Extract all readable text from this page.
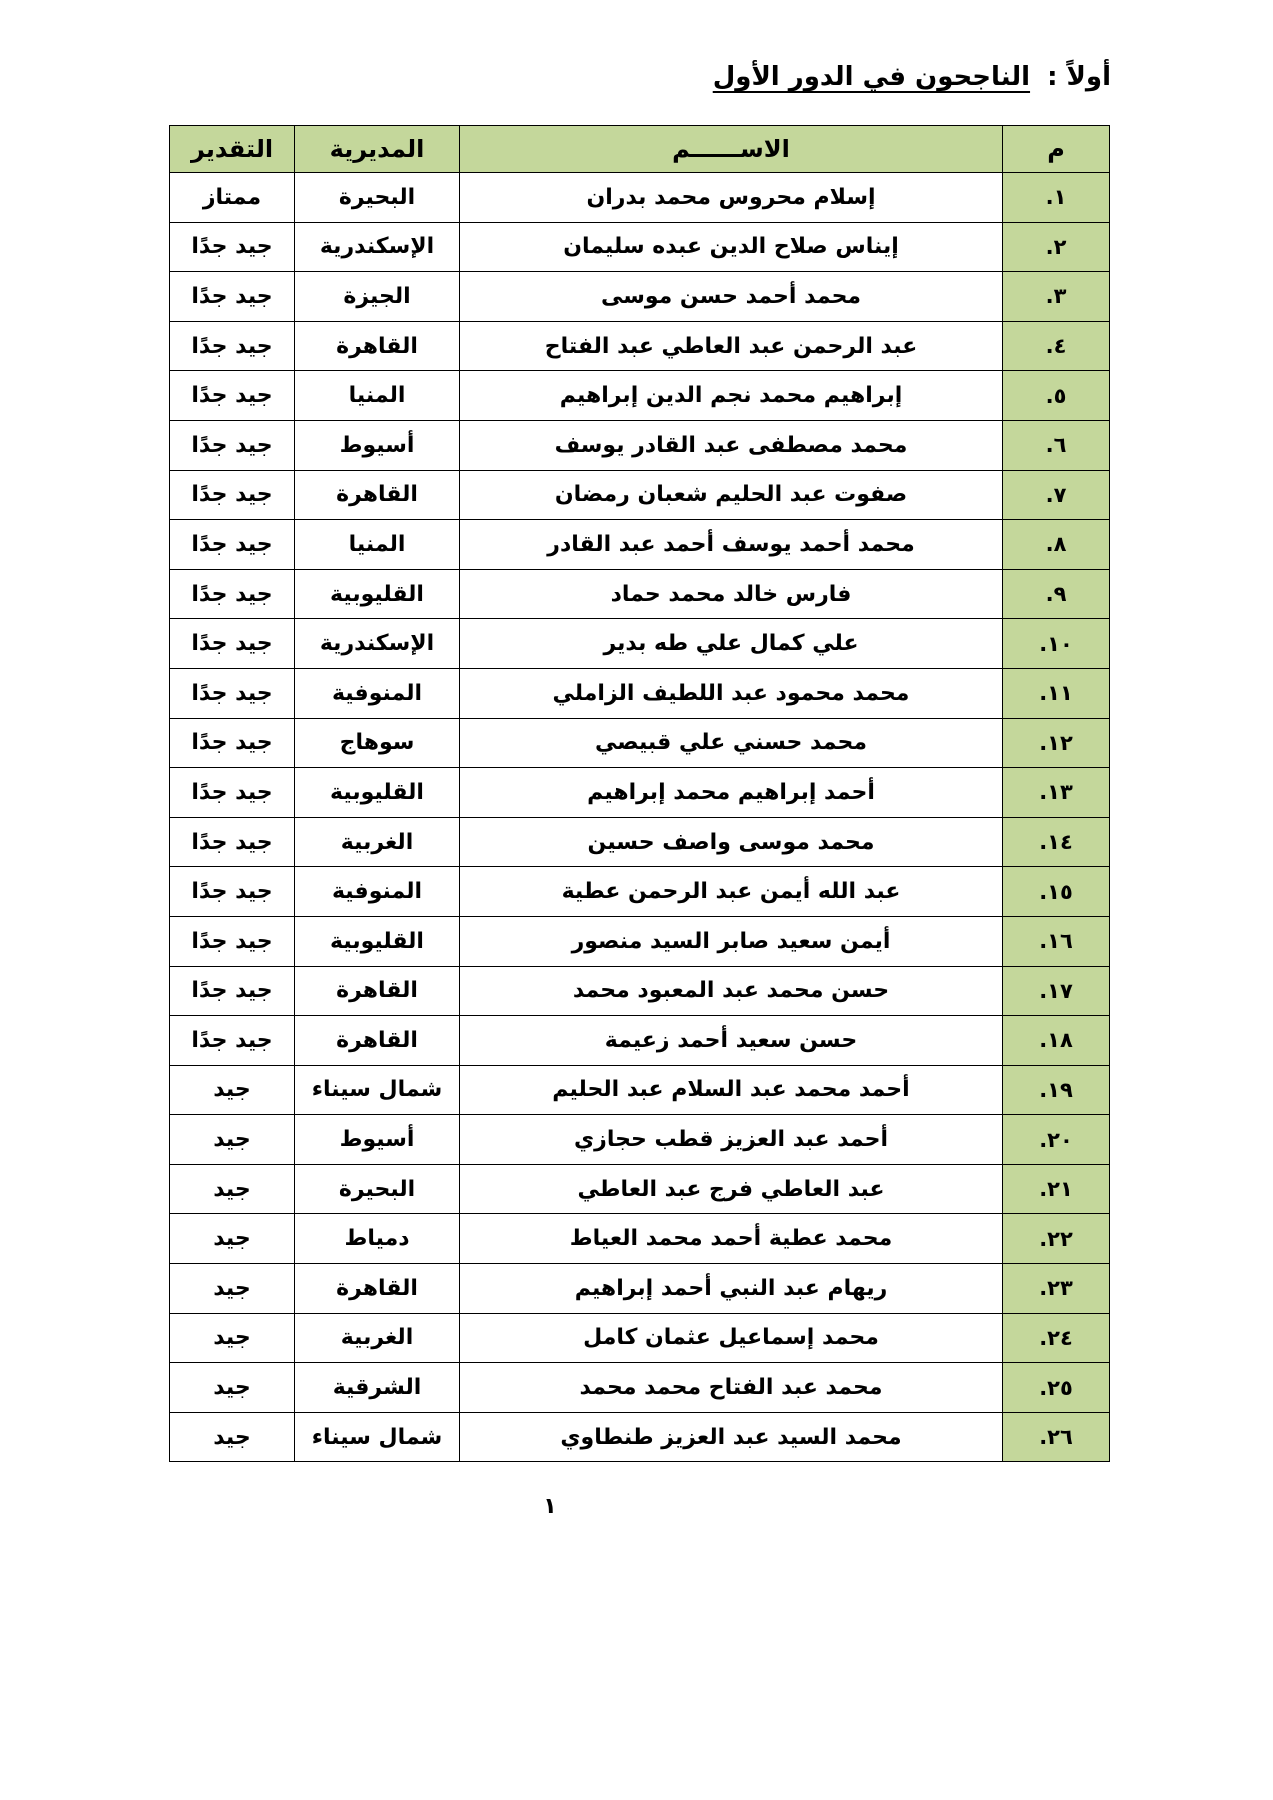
أولاً : الناجحون في الدور الأول
م	الاســــــم	المديرية	التقدير
١.	إسلام محروس محمد بدران	البحيرة	ممتاز
٢.	إيناس صلاح الدين عبده سليمان	الإسكندرية	جيد جدًا
٣.	محمد أحمد حسن موسى	الجيزة	جيد جدًا
٤.	عبد الرحمن عبد العاطي عبد الفتاح	القاهرة	جيد جدًا
٥.	إبراهيم محمد نجم الدين إبراهيم	المنيا	جيد جدًا
٦.	محمد مصطفى عبد القادر يوسف	أسيوط	جيد جدًا
٧.	صفوت عبد الحليم شعبان رمضان	القاهرة	جيد جدًا
٨.	محمد أحمد يوسف أحمد عبد القادر	المنيا	جيد جدًا
٩.	فارس خالد محمد حماد	القليوبية	جيد جدًا
١٠.	علي كمال علي طه بدير	الإسكندرية	جيد جدًا
١١.	محمد محمود عبد اللطيف الزاملي	المنوفية	جيد جدًا
١٢.	محمد حسني علي قبيصي	سوهاج	جيد جدًا
١٣.	أحمد إبراهيم محمد إبراهيم	القليوبية	جيد جدًا
١٤.	محمد موسى واصف حسين	الغربية	جيد جدًا
١٥.	عبد الله أيمن عبد الرحمن عطية	المنوفية	جيد جدًا
١٦.	أيمن سعيد صابر السيد منصور	القليوبية	جيد جدًا
١٧.	حسن محمد عبد المعبود محمد	القاهرة	جيد جدًا
١٨.	حسن سعيد أحمد زعيمة	القاهرة	جيد جدًا
١٩.	أحمد محمد عبد السلام عبد الحليم	شمال سيناء	جيد
٢٠.	أحمد عبد العزيز قطب حجازي	أسيوط	جيد
٢١.	عبد العاطي فرج عبد العاطي	البحيرة	جيد
٢٢.	محمد عطية أحمد محمد العياط	دمياط	جيد
٢٣.	ريهام عبد النبي أحمد إبراهيم	القاهرة	جيد
٢٤.	محمد إسماعيل عثمان كامل	الغربية	جيد
٢٥.	محمد عبد الفتاح محمد محمد	الشرقية	جيد
٢٦.	محمد السيد عبد العزيز طنطاوي	شمال سيناء	جيد
١
